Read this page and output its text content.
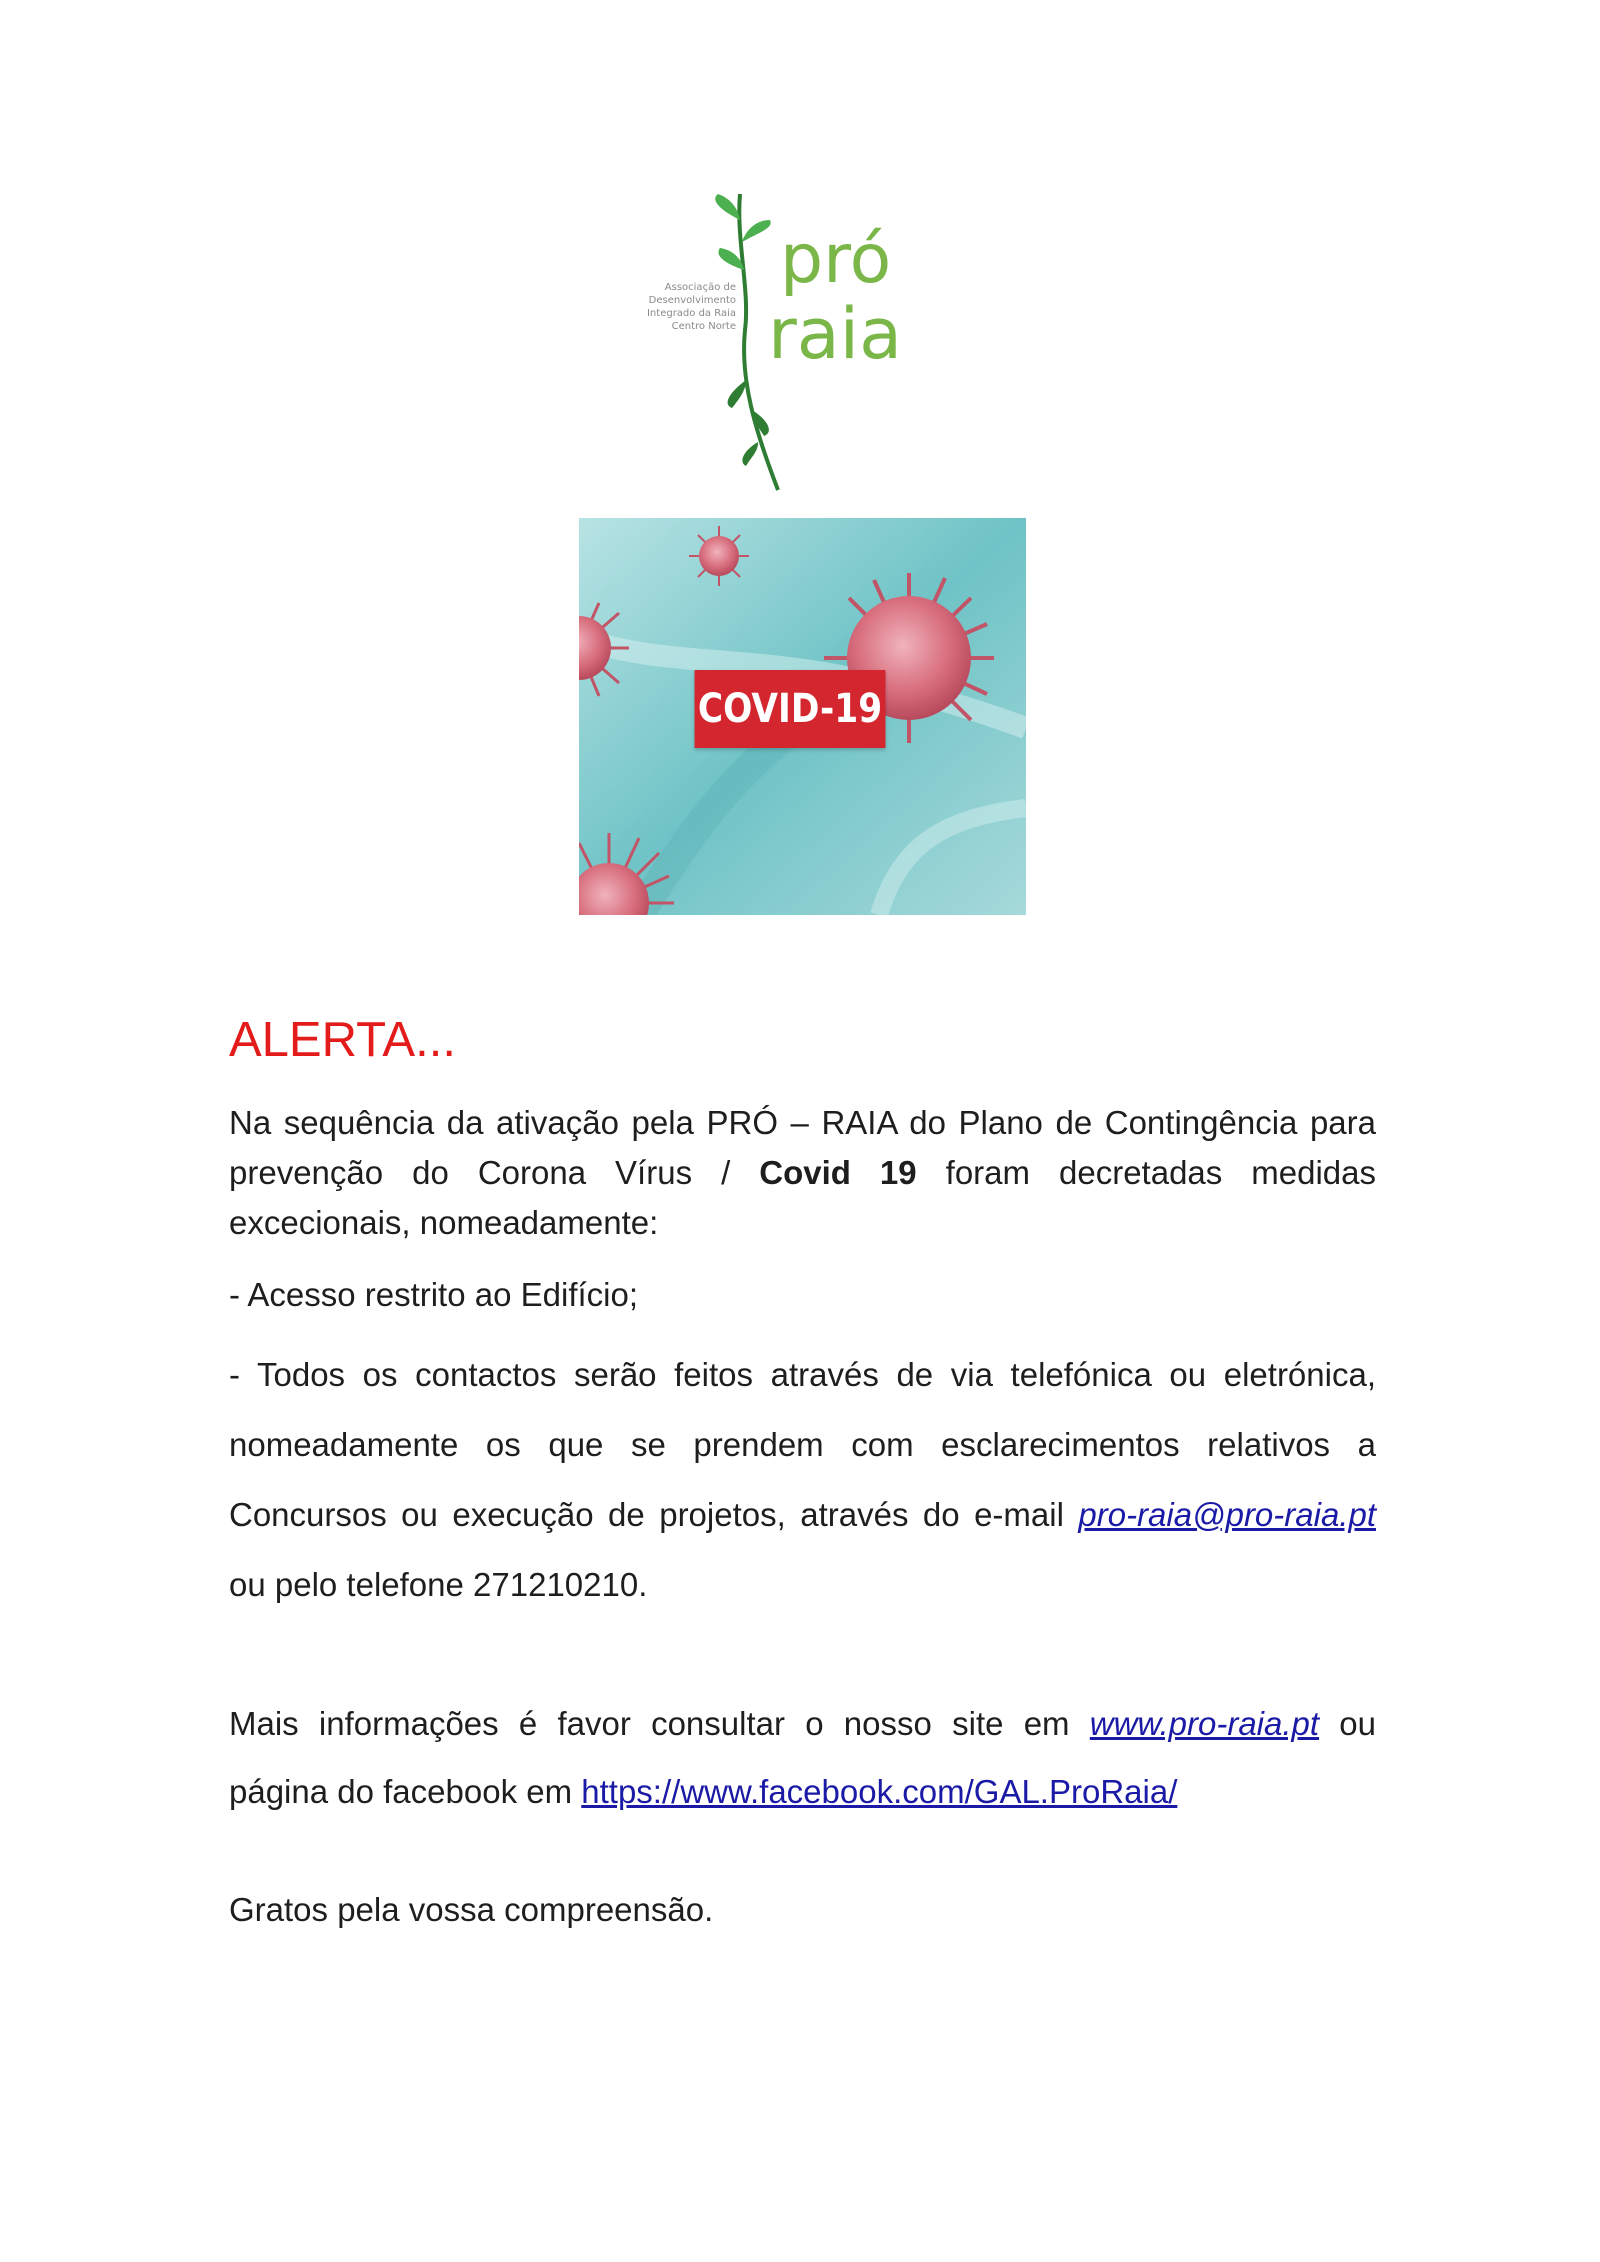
pró
raia
Associação de
Desenvolvimento
Integrado da Raia
Centro Norte
COVID-19
ALERTA...
Na sequência da ativação pela PRÓ – RAIA do Plano de Contingência para
prevenção do Corona Vírus / Covid 19 foram decretadas medidas
excecionais, nomeadamente:
- Acesso restrito ao Edifício;
- Todos os contactos serão feitos através de via telefónica ou eletrónica,
nomeadamente os que se prendem com esclarecimentos relativos a
Concursos ou execução de projetos, através do e-mail pro-raia@pro-raia.pt
ou pelo telefone 271210210.
Mais informações é favor consultar o nosso site em www.pro-raia.pt ou
página do facebook em https://www.facebook.com/GAL.ProRaia/
Gratos pela vossa compreensão.
